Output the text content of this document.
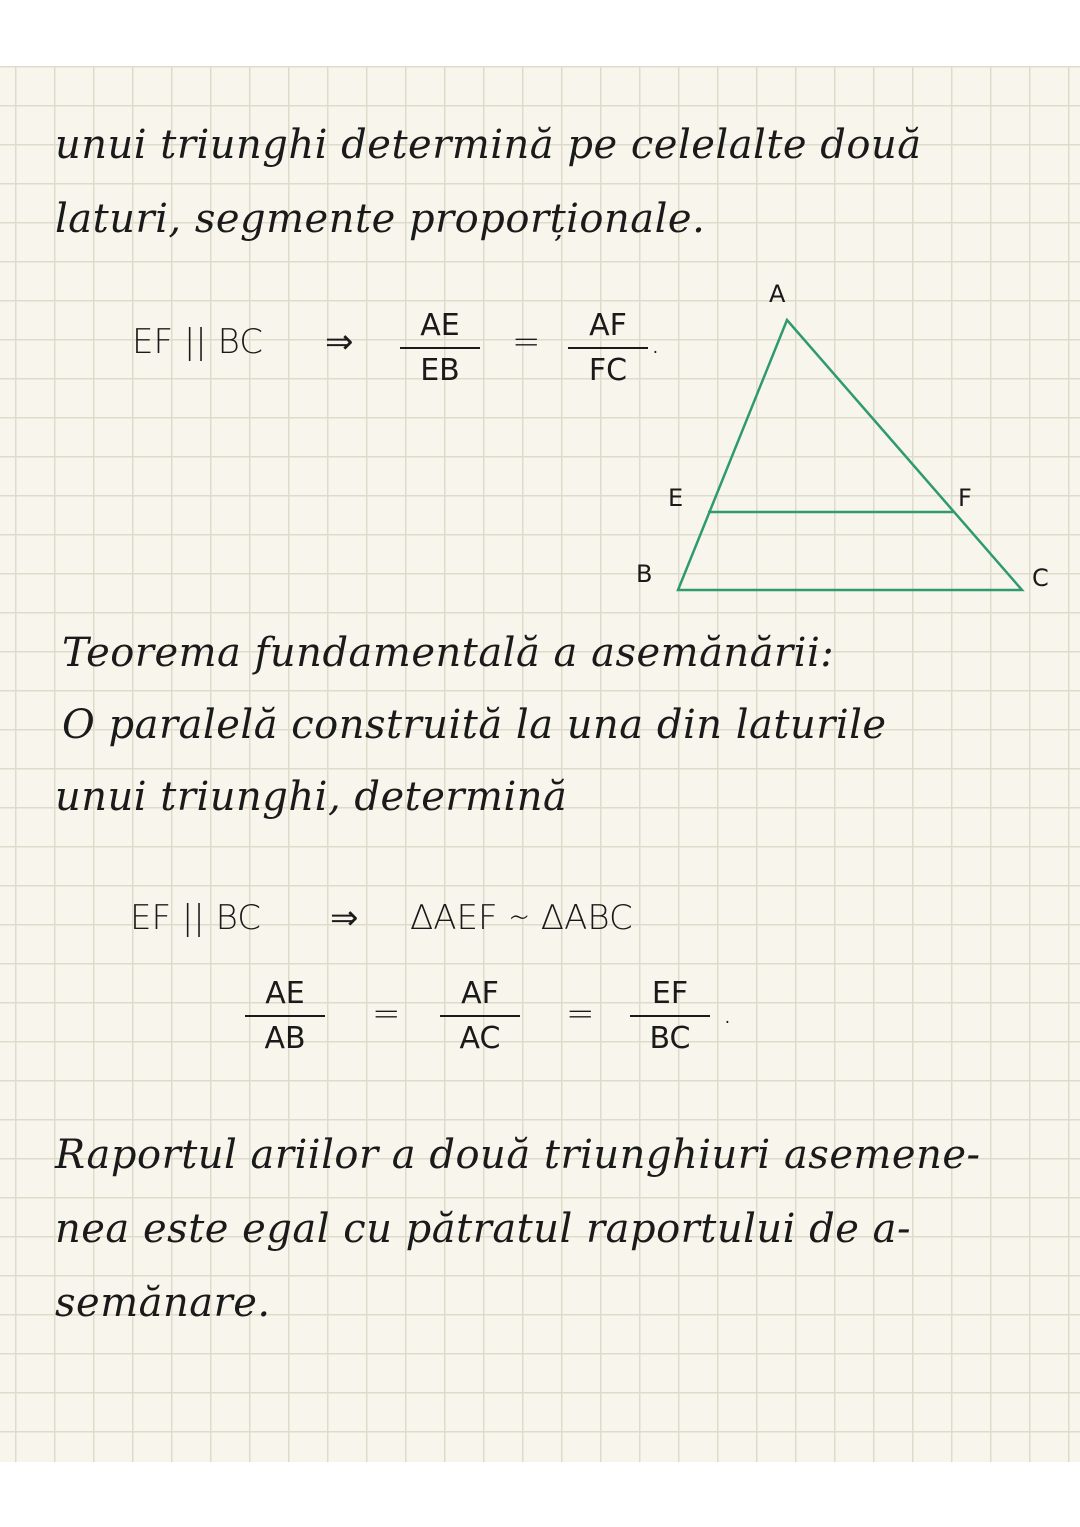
unui triunghi determină pe celelalte două
laturi, segmente proporționale.
EF || BC ⇒ AE
EB
= AF
FC
.
A
E	F
B	C
Teorema fundamentală a asemănării:
O paralelă construită la una din laturile
unui triunghi, determină
EF || BC ⇒ ΔAEF ∼ ΔABC
AE
AB
=
AF
AC
=
EF
BC
.
Raportul ariilor a două triunghiuri asemene-
nea este egal cu pătratul raportului de a-
semănare.
